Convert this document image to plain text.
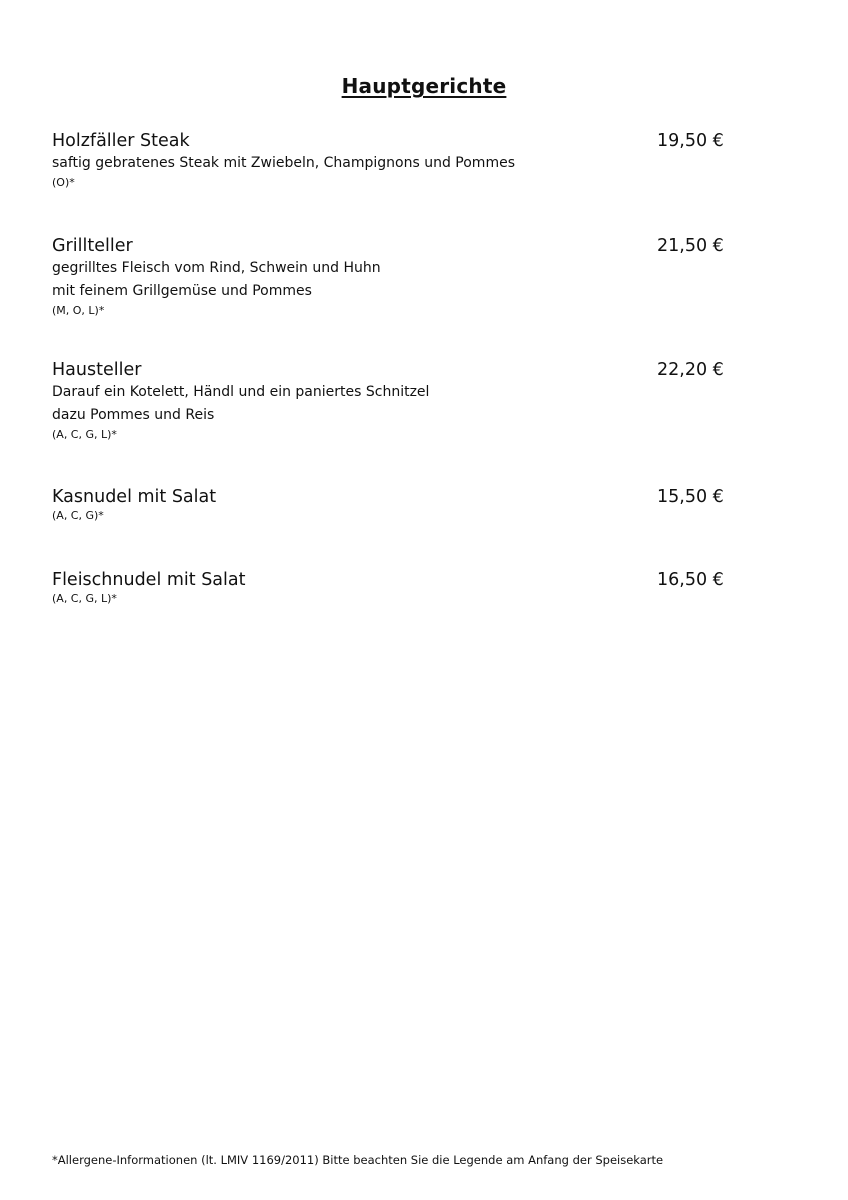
Hauptgerichte
Holzfäller Steak	19,50 €
saftig gebratenes Steak mit Zwiebeln, Champignons und Pommes
(O)*
Grillteller	21,50 €
gegrilltes Fleisch vom Rind, Schwein und Huhn
mit feinem Grillgemüse und Pommes
(M, O, L)*
Hausteller	22,20 €
Darauf ein Kotelett, Händl und ein paniertes Schnitzel
dazu Pommes und Reis
(A, C, G, L)*
Kasnudel mit Salat	15,50 €
(A, C, G)*
Fleischnudel mit Salat	16,50 €
(A, C, G, L)*
*Allergene-Informationen (lt. LMIV 1169/2011) Bitte beachten Sie die Legende am Anfang der Speisekarte
